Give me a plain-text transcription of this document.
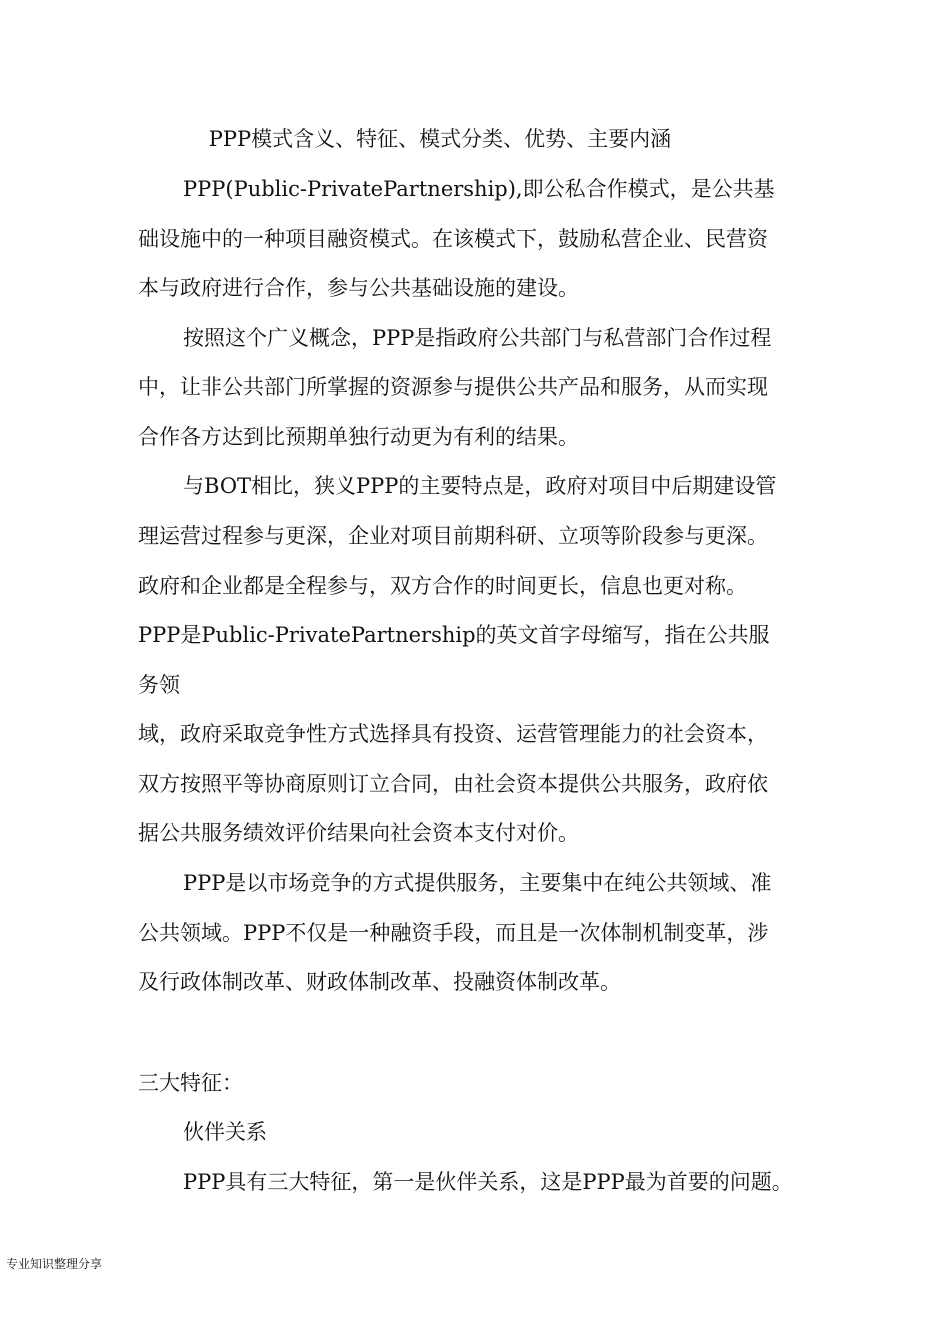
PPP模式含义、特征、模式分类、优势、主要内涵
PPP(Public-PrivatePartnership),即公私合作模式，是公共基
础设施中的一种项目融资模式。在该模式下，鼓励私营企业、民营资
本与政府进行合作，参与公共基础设施的建设。
按照这个广义概念，PPP是指政府公共部门与私营部门合作过程
中，让非公共部门所掌握的资源参与提供公共产品和服务，从而实现
合作各方达到比预期单独行动更为有利的结果。
与BOT相比，狭义PPP的主要特点是，政府对项目中后期建设管
理运营过程参与更深，企业对项目前期科研、立项等阶段参与更深。
政府和企业都是全程参与，双方合作的时间更长，信息也更对称。
PPP是Public-PrivatePartnership的英文首字母缩写，指在公共服
务领
域，政府采取竞争性方式选择具有投资、运营管理能力的社会资本，
双方按照平等协商原则订立合同，由社会资本提供公共服务，政府依
据公共服务绩效评价结果向社会资本支付对价。
PPP是以市场竞争的方式提供服务，主要集中在纯公共领域、准
公共领域。PPP不仅是一种融资手段，而且是一次体制机制变革，涉
及行政体制改革、财政体制改革、投融资体制改革。
三大特征：
伙伴关系
PPP具有三大特征，第一是伙伴关系，这是PPP最为首要的问题。
专业知识整理分享
